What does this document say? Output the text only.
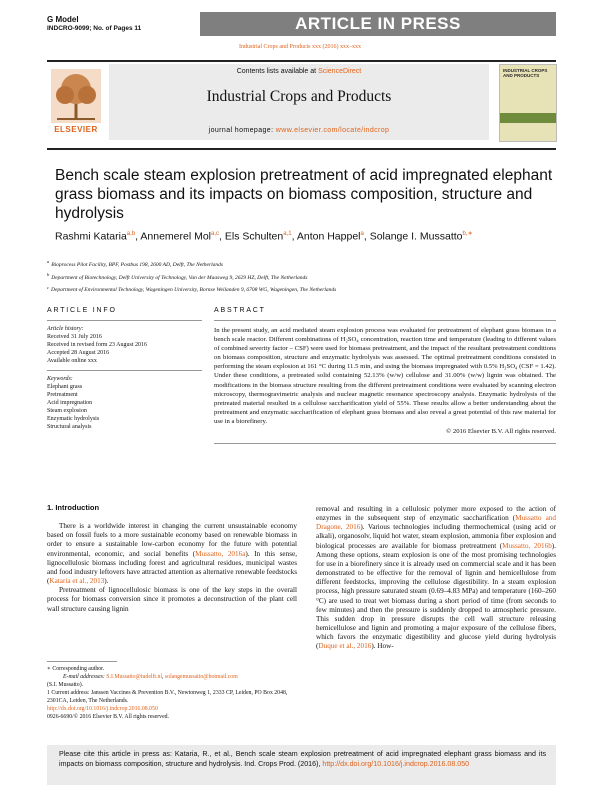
G Model
INDCRO-9099; No. of Pages 11	ARTICLE IN PRESS
Industrial Crops and Products xxx (2016) xxx–xxx
ELSEVIER
Contents lists available at ScienceDirect
Industrial Crops and Products
journal homepage: www.elsevier.com/locate/indcrop
INDUSTRIAL CROPS AND PRODUCTS
Bench scale steam explosion pretreatment of acid impregnated elephant grass biomass and its impacts on biomass composition, structure and hydrolysis
Rashmi Kataria$^{a,b}$, Annemerel Mol$^{a,c}$, Els Schulten$^{a,1}$, Anton Happel$^a$, Solange I. Mussatto$^{b,∗}$
$^a$Bioprocess Pilot Facility, BPF, Postbus 198, 2600 AD, Delft, The Netherlands
$^b$Department of Biotechnology, Delft University of Technology, Van der Maasweg 9, 2629 HZ, Delft, The Netherlands
$^c$Department of Environmental Technology, Wageningen University, Bornse Weilanden 9, 6708 WG, Wageningen, The Netherlands
ARTICLE INFO
Article history:
Received 31 July 2016
Received in revised form 23 August 2016
Accepted 28 August 2016
Available online xxx
Keywords:
Elephant grass
Pretreatment
Acid impregnation
Steam explosion
Enzymatic hydrolysis
Structural analysis
ABSTRACT
In the present study, an acid mediated steam explosion process was evaluated for pretreatment of elephant grass biomass in a bench scale reactor. Different combinations of H₂SO₄ concentration, reaction time and temperature (leading to different values of combined severity factor – CSF) were used for biomass pretreatment, and the impact of the resultant pretreatment conditions on biomass composition, structure and enzymatic hydrolysis was assessed. The optimal pretreatment conditions consisted in performing the steam explosion at 161 °C during 11.5 min, and using the biomass impregnated with 0.5% H₂SO₄ (CSF = 1.42). Under these conditions, a pretreated solid containing 52.13% (w/w) cellulose and 31.00% (w/w) lignin was obtained. The modifications in the biomass structure resulting from the different pretreatment conditions were evaluated by scanning electron microscopy, thermogravimetric analysis and nuclear magnetic resonance spectroscopy analysis. Enzymatic hydrolysis of the pretreated material resulted in a cellulose saccharification yield of 55%. These results allow a better understanding about the pretreatment and enzymatic saccharification of elephant grass biomass and also reveal a great potential of this raw material for use in a biorefinery.
© 2016 Elsevier B.V. All rights reserved.
1. Introduction

There is a worldwide interest in changing the current unsustainable economy based on fossil fuels to a more sustainable economy based on renewable biomass in order to ensure a sustainable low-carbon economy for the future with potential environmental, economic, and social benefits (Mussatto, 2016a). In this sense, lignocellulosic biomass including forest and agricultural residues, municipal wastes and food industry leftovers have attracted attention as alternative renewable feedstocks (Kataria et al., 2013).

Pretreatment of lignocellulosic biomass is one of the key steps in the overall process for biomass conversion since it promotes a deconstruction of the plant cell wall structure causing lignin

∗ Corresponding author.
E-mail addresses: S.I.Mussatto@tudelft.nl, solangemussatto@hotmail.com
(S.I. Mussatto).
1 Current address: Janssen Vaccines & Prevention B.V., Newtonweg 1, 2333 CP, Leiden, PO Box 2048, 2301CA, Leiden, The Netherlands.
http://dx.doi.org/10.1016/j.indcrop.2016.08.050
0926-6690/© 2016 Elsevier B.V. All rights reserved.

removal and resulting in a cellulosic polymer more exposed to the action of enzymes in the subsequent step of enzymatic saccharification (Mussatto and Dragone, 2016). Various technologies including thermochemical (using acid or alkali), organosolv, liquid hot water, steam explosion, ammonia fiber explosion and biological processes are available for biomass pretreatment (Mussatto, 2016b). Among these options, steam explosion is one of the most promising technologies for use in a biorefinery since it is already used on commercial scale and it has been demonstrated to be effective for the removal of lignin and hemicellulose from different feedstocks, improving the cellulose digestibility. In a steam explosion process, high pressure saturated steam (0.69–4.83 MPa) and temperature (160–260 °C) are used to treat wet biomass during a short period of time (from seconds to few minutes) and then the pressure is suddenly dropped to atmospheric pressure. This sudden drop in pressure disrupts the cell wall structure releasing hemicellulose and lignin and promoting a major exposure of the cellulose fibers, which favors the enzymatic digestibility and glucose yield during hydrolysis (Duque et al., 2016). How-

Please cite this article in press as: Kataria, R., et al., Bench scale steam explosion pretreatment of acid impregnated elephant grass biomass and its impacts on biomass composition, structure and hydrolysis. Ind. Crops Prod. (2016), http://dx.doi.org/10.1016/j.indcrop.2016.08.050
